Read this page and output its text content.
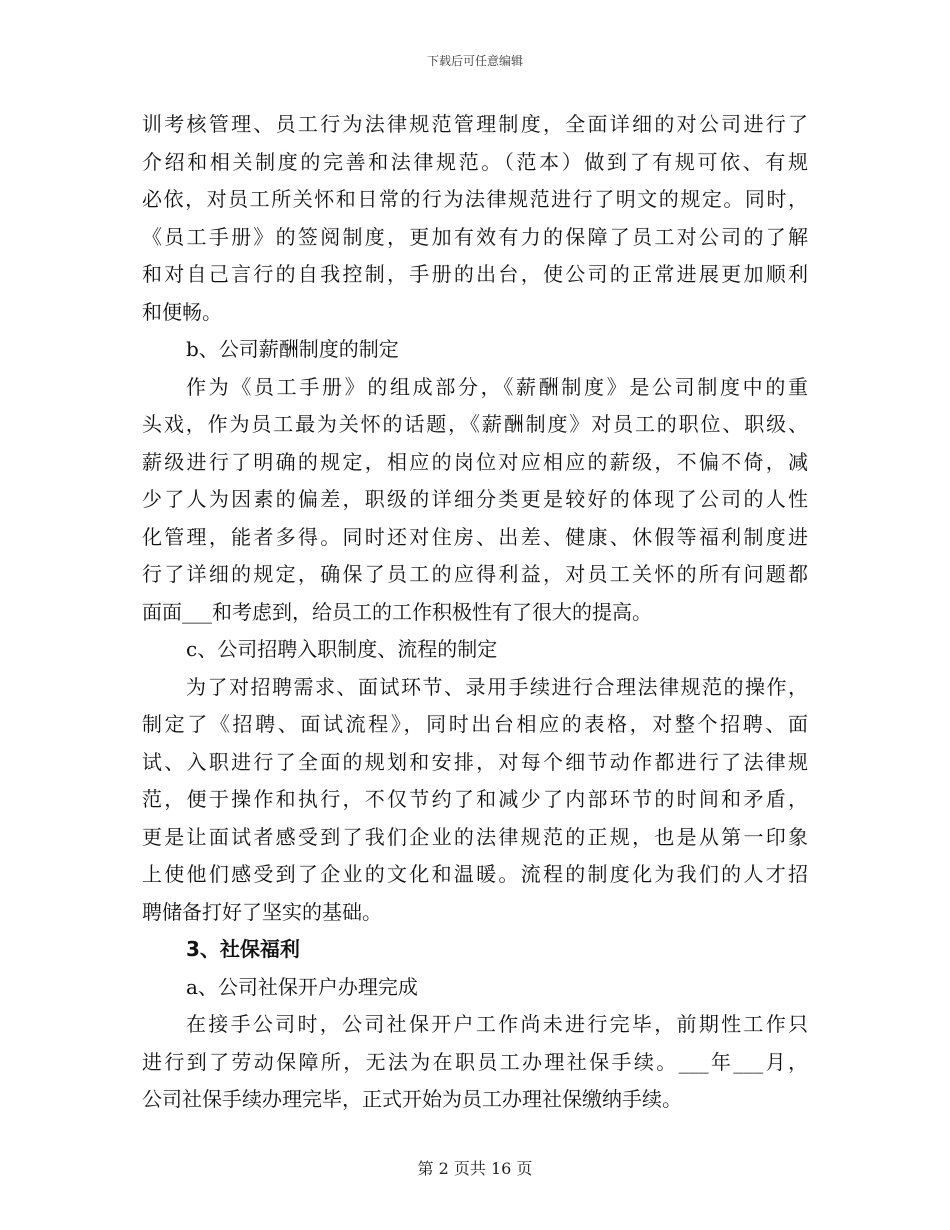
下载后可任意编辑
训考核管理、员工行为法律规范管理制度，全面详细的对公司进行了
介绍和相关制度的完善和法律规范。（范本）做到了有规可依、有规
必依，对员工所关怀和日常的行为法律规范进行了明文的规定。同时，
《员工手册》的签阅制度，更加有效有力的保障了员工对公司的了解
和对自己言行的自我控制，手册的出台，使公司的正常进展更加顺利
和便畅。
b、公司薪酬制度的制定
作为《员工手册》的组成部分，《薪酬制度》是公司制度中的重
头戏，作为员工最为关怀的话题，《薪酬制度》对员工的职位、职级、
薪级进行了明确的规定，相应的岗位对应相应的薪级，不偏不倚，减
少了人为因素的偏差，职级的详细分类更是较好的体现了公司的人性
化管理，能者多得。同时还对住房、出差、健康、休假等福利制度进
行了详细的规定，确保了员工的应得利益，对员工关怀的所有问题都
面面___和考虑到，给员工的工作积极性有了很大的提高。
c、公司招聘入职制度、流程的制定
为了对招聘需求、面试环节、录用手续进行合理法律规范的操作，
制定了《招聘、面试流程》，同时出台相应的表格，对整个招聘、面
试、入职进行了全面的规划和安排，对每个细节动作都进行了法律规
范，便于操作和执行，不仅节约了和减少了内部环节的时间和矛盾，
更是让面试者感受到了我们企业的法律规范的正规，也是从第一印象
上使他们感受到了企业的文化和温暖。流程的制度化为我们的人才招
聘储备打好了坚实的基础。
3、社保福利
a、公司社保开户办理完成
在接手公司时，公司社保开户工作尚未进行完毕，前期性工作只
进行到了劳动保障所，无法为在职员工办理社保手续。___年___月，
公司社保手续办理完毕，正式开始为员工办理社保缴纳手续。
第 2 页共 16 页
